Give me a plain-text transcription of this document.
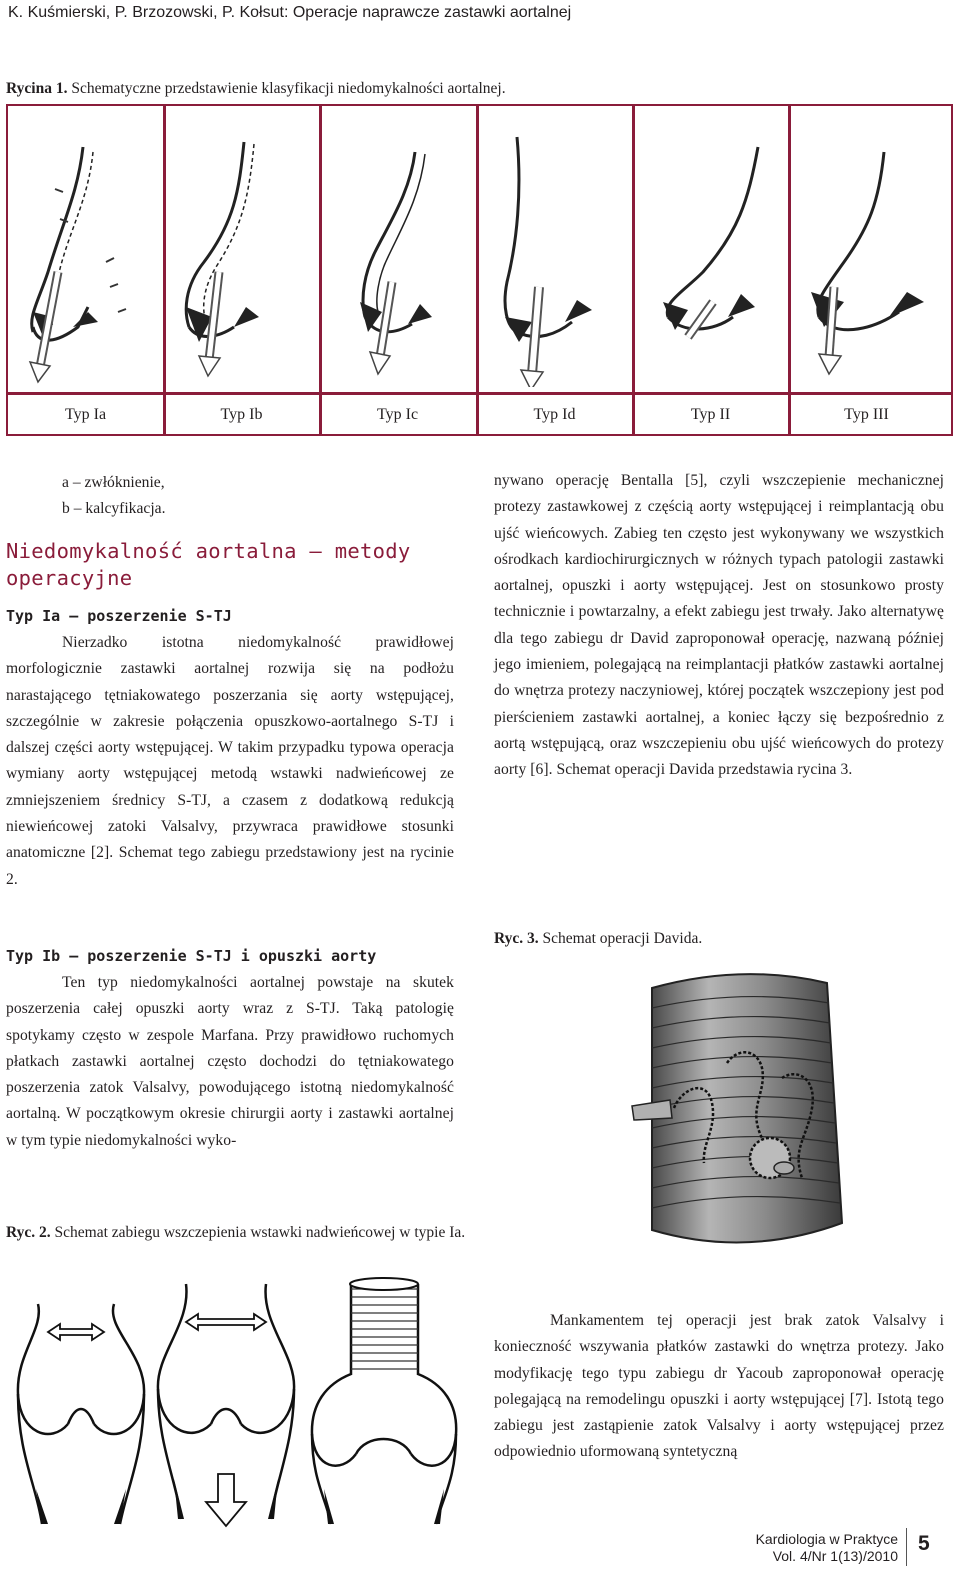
K. Kuśmierski, P. Brzozowski, P. Kołsut: Operacje naprawcze zastawki aortalnej
Rycina 1. Schematyczne przedstawienie klasyfikacji niedomykalności aortalnej.
Typ Ia	Typ Ib	Typ Ic	Typ Id	Typ II	Typ III
a – zwłóknienie,
b – kalcyfikacja.
Niedomykalność aortalna – metody operacyjne
Typ Ia – poszerzenie S-TJ

Nierzadko istotna niedomykalność prawidłowej morfologicznie zastawki aortalnej rozwija się na podłożu narastającego tętniakowatego poszerzania się aorty wstępującej, szczególnie w zakresie połączenia opuszkowo-aortalnego S-TJ i dalszej części aorty wstępującej. W takim przypadku typowa operacja wymiany aorty wstępującej metodą wstawki nadwieńcowej ze zmniejszeniem średnicy S-TJ, a czasem z dodatkową redukcją niewieńcowej zatoki Valsalvy, przywraca prawidłowe stosunki anatomiczne [2]. Schemat tego zabiegu przedstawiony jest na rycinie 2.

Typ Ib – poszerzenie S-TJ i opuszki aorty

Ten typ niedomykalności aortalnej powstaje na skutek poszerzenia całej opuszki aorty wraz z S-TJ. Taką patologię spotykamy często w zespole Marfana. Przy prawidłowo ruchomych płatkach zastawki aortalnej często dochodzi do tętniakowatego poszerzenia zatok Valsalvy, powodującego istotną niedomykalność aortalną. W początkowym okresie chirurgii aorty i zastawki aortalnej w tym typie niedomykalności wyko-

nywano operację Bentalla [5], czyli wszczepienie mechanicznej protezy zastawkowej z częścią aorty wstępującej i reimplantacją obu ujść wieńcowych. Zabieg ten często jest wykonywany we wszystkich ośrodkach kardiochirurgicznych w różnych typach patologii zastawki aortalnej, opuszki i aorty wstępującej. Jest on stosunkowo prosty technicznie i powtarzalny, a efekt zabiegu jest trwały. Jako alternatywę dla tego zabiegu dr David zaproponował operację, nazwaną później jego imieniem, polegającą na reimplantacji płatków zastawki aortalnej do wnętrza protezy naczyniowej, której początek wszczepiony jest pod pierścieniem zastawki aortalnej, a koniec łączy się bezpośrednio z aortą wstępującą, oraz wszczepieniu obu ujść wieńcowych do protezy aorty [6]. Schemat operacji Davida przedstawia rycina 3.

Ryc. 3. Schemat operacji Davida.

Mankamentem tej operacji jest brak zatok Valsalvy i konieczność wszywania płatków zastawki do wnętrza protezy. Jako modyfikację tego typu zabiegu dr Yacoub zaproponował operację polegającą na remodelingu opuszki i aorty wstępującej [7]. Istotą tego zabiegu jest zastąpienie zatok Valsalvy i aorty wstępującej przez odpowiednio uformowaną syntetyczną

Ryc. 2. Schemat zabiegu wszczepienia wstawki nadwieńcowej w typie Ia.
Kardiologia w Praktyce
Vol. 4/Nr 1(13)/2010
5
